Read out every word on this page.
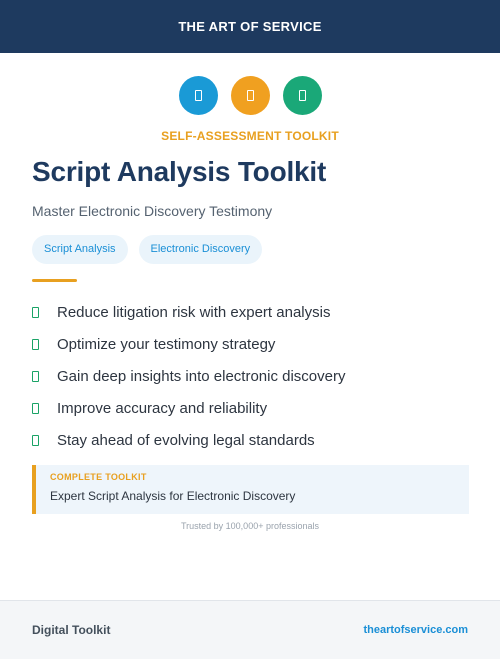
THE ART OF SERVICE
SELF-ASSESSMENT TOOLKIT
Script Analysis Toolkit
Master Electronic Discovery Testimony
Script Analysis	Electronic Discovery
Reduce litigation risk with expert analysis
Optimize your testimony strategy
Gain deep insights into electronic discovery
Improve accuracy and reliability
Stay ahead of evolving legal standards
COMPLETE TOOLKIT
Expert Script Analysis for Electronic Discovery
Trusted by 100,000+ professionals
Digital Toolkit	theartofservice.com
